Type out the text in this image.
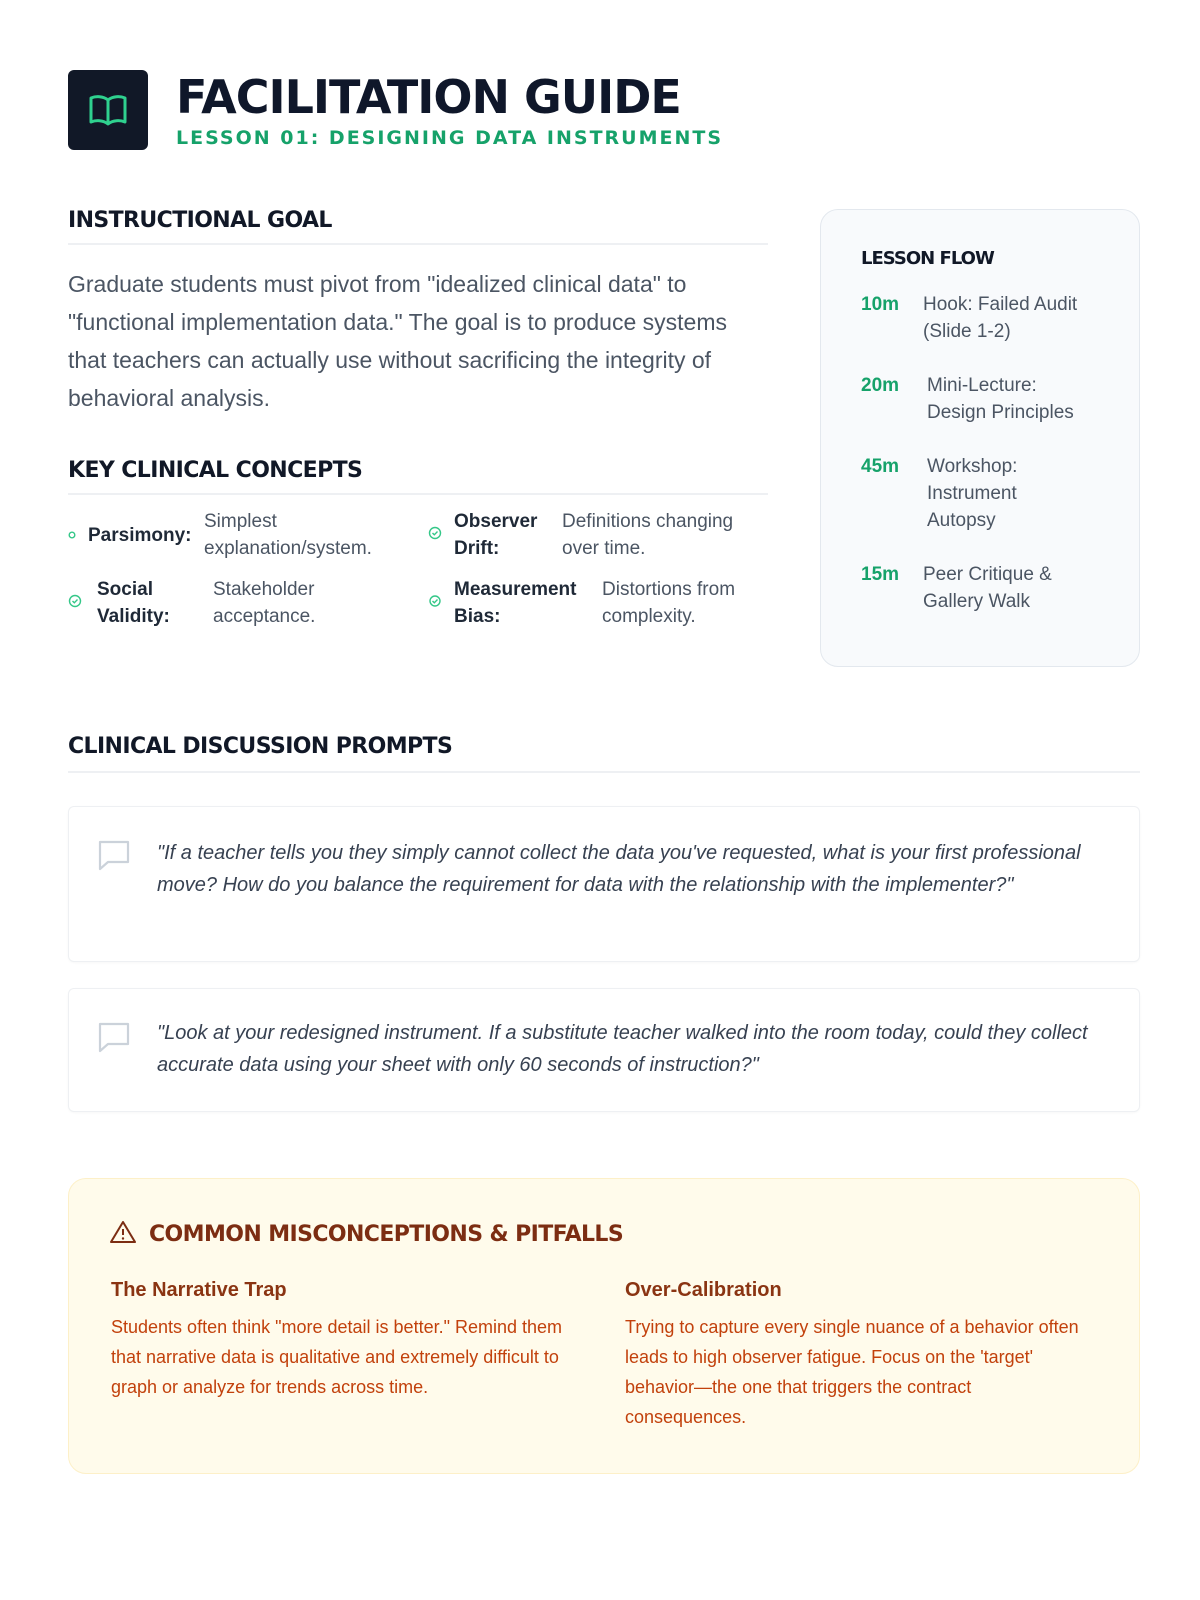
FACILITATION GUIDE
LESSON 01: DESIGNING DATA INSTRUMENTS
INSTRUCTIONAL GOAL
Graduate students must pivot from "idealized clinical data" to "functional implementation data." The goal is to produce systems that teachers can actually use without sacrificing the integrity of behavioral analysis.
KEY CLINICAL CONCEPTS
Parsimony:
Simplest explanation/system.
Observer Drift:
Definitions changing over time.
Social Validity:
Stakeholder acceptance.
Measurement Bias:
Distortions from complexity.
LESSON FLOW
10m	Hook: Failed Audit (Slide 1-2)
20m	Mini-Lecture: Design Principles
45m	Workshop: Instrument Autopsy
15m	Peer Critique & Gallery Walk
CLINICAL DISCUSSION PROMPTS
"If a teacher tells you they simply cannot collect the data you've requested, what is your first professional move? How do you balance the requirement for data with the relationship with the implementer?"
"Look at your redesigned instrument. If a substitute teacher walked into the room today, could they collect accurate data using your sheet with only 60 seconds of instruction?"
COMMON MISCONCEPTIONS & PITFALLS
The Narrative Trap
Students often think "more detail is better." Remind them that narrative data is qualitative and extremely difficult to graph or analyze for trends across time.
Over-Calibration
Trying to capture every single nuance of a behavior often leads to high observer fatigue. Focus on the 'target' behavior—the one that triggers the contract consequences.
